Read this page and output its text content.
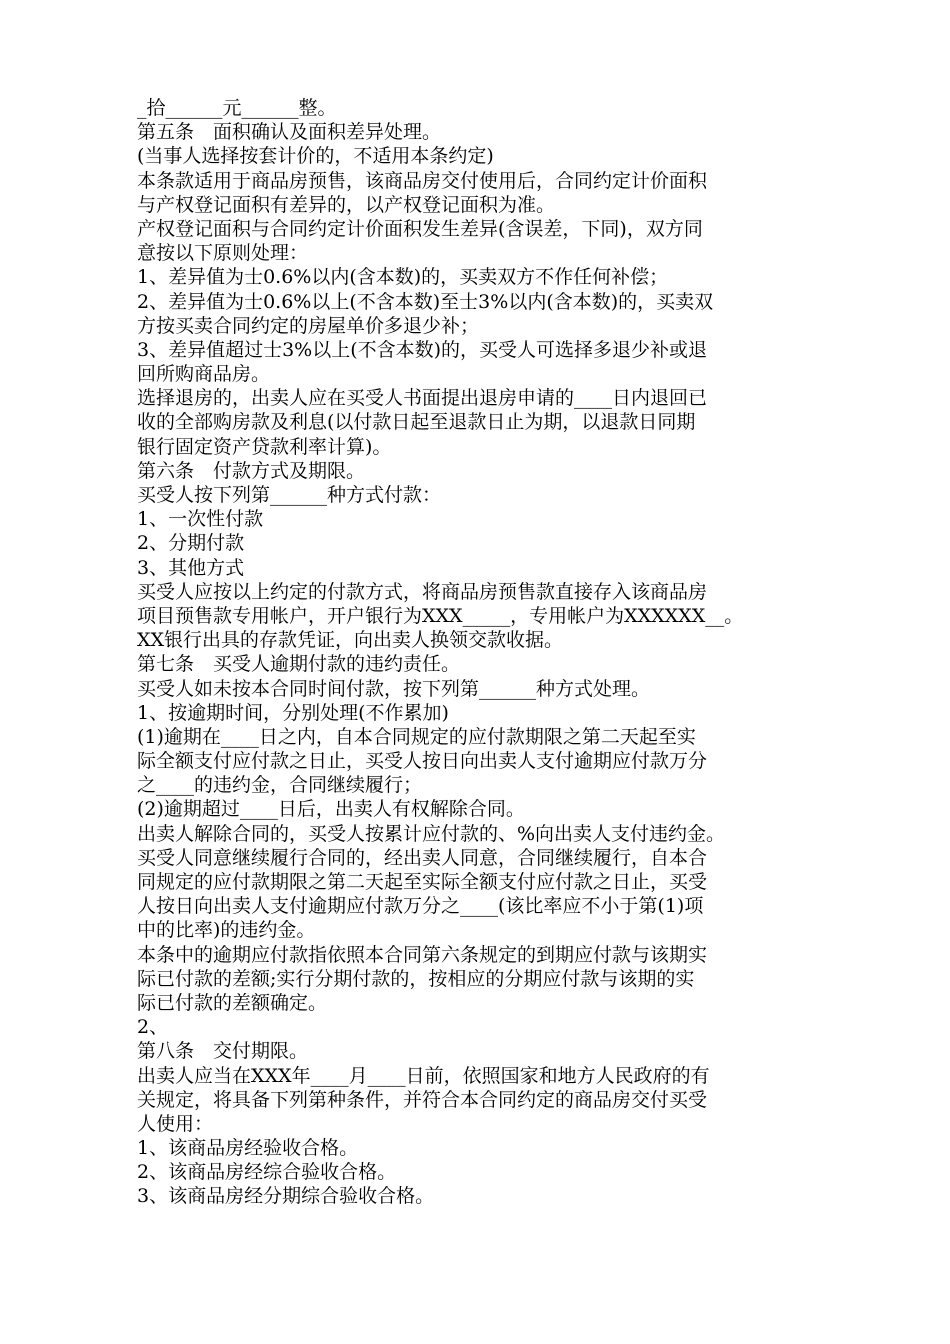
_拾______元______整。
第五条　面积确认及面积差异处理。
(当事人选择按套计价的，不适用本条约定)
本条款适用于商品房预售，该商品房交付使用后，合同约定计价面积
与产权登记面积有差异的，以产权登记面积为准。
产权登记面积与合同约定计价面积发生差异(含误差，下同)，双方同
意按以下原则处理：
1、差异值为士0.6%以内(含本数)的，买卖双方不作任何补偿；
2、差异值为士0.6%以上(不含本数)至士3%以内(含本数)的，买卖双
方按买卖合同约定的房屋单价多退少补；
3、差异值超过士3%以上(不含本数)的，买受人可选择多退少补或退
回所购商品房。
选择退房的，出卖人应在买受人书面提出退房申请的____日内退回已
收的全部购房款及利息(以付款日起至退款日止为期，以退款日同期
银行固定资产贷款利率计算)。
第六条　付款方式及期限。
买受人按下列第______种方式付款：
1、一次性付款
2、分期付款
3、其他方式
买受人应按以上约定的付款方式，将商品房预售款直接存入该商品房
项目预售款专用帐户，开户银行为XXX_____，专用帐户为XXXXXX__。
XX银行出具的存款凭证，向出卖人换领交款收据。
第七条　买受人逾期付款的违约责任。
买受人如未按本合同时间付款，按下列第______种方式处理。
1、按逾期时间，分别处理(不作累加)
(1)逾期在____日之内，自本合同规定的应付款期限之第二天起至实
际全额支付应付款之日止，买受人按日向出卖人支付逾期应付款万分
之____的违约金，合同继续履行；
(2)逾期超过____日后，出卖人有权解除合同。
出卖人解除合同的，买受人按累计应付款的、%向出卖人支付违约金。
买受人同意继续履行合同的，经出卖人同意，合同继续履行，自本合
同规定的应付款期限之第二天起至实际全额支付应付款之日止，买受
人按日向出卖人支付逾期应付款万分之____(该比率应不小于第(1)项
中的比率)的违约金。
本条中的逾期应付款指依照本合同第六条规定的到期应付款与该期实
际已付款的差额;实行分期付款的，按相应的分期应付款与该期的实
际已付款的差额确定。
2、
第八条　交付期限。
出卖人应当在XXX年____月____日前，依照国家和地方人民政府的有
关规定，将具备下列第种条件，并符合本合同约定的商品房交付买受
人使用：
1、该商品房经验收合格。
2、该商品房经综合验收合格。
3、该商品房经分期综合验收合格。
